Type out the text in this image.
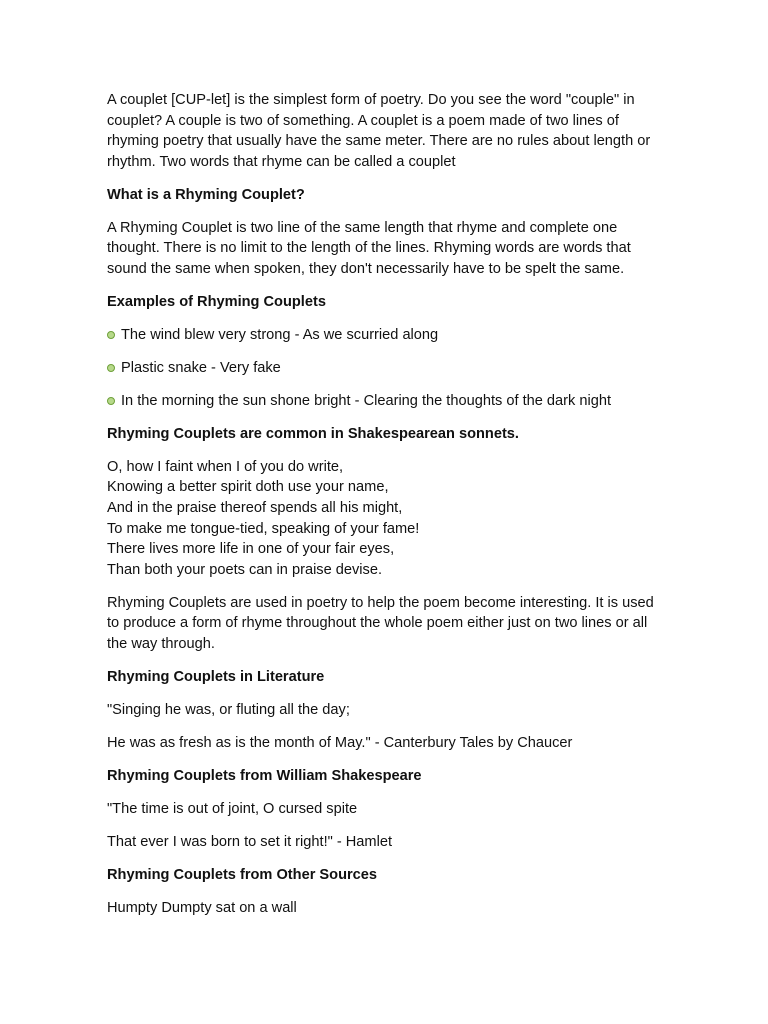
A couplet [CUP-let] is the simplest form of poetry. Do you see the word "couple" in couplet? A couple is two of something. A couplet is a poem made of two lines of rhyming poetry that usually have the same meter. There are no rules about length or rhythm. Two words that rhyme can be called a couplet

What is a Rhyming Couplet?

A Rhyming Couplet is two line of the same length that rhyme and complete one thought. There is no limit to the length of the lines. Rhyming words are words that sound the same when spoken, they don't necessarily have to be spelt the same.

Examples of Rhyming Couplets

The wind blew very strong - As we scurried along
Plastic snake - Very fake
In the morning the sun shone bright - Clearing the thoughts of the dark night

Rhyming Couplets are common in Shakespearean sonnets.

O, how I faint when I of you do write,
Knowing a better spirit doth use your name,
And in the praise thereof spends all his might,
To make me tongue-tied, speaking of your fame!
There lives more life in one of your fair eyes,
Than both your poets can in praise devise.

Rhyming Couplets are used in poetry to help the poem become interesting. It is used to produce a form of rhyme throughout the whole poem either just on two lines or all the way through.

Rhyming Couplets in Literature

"Singing he was, or fluting all the day;

He was as fresh as is the month of May." - Canterbury Tales by Chaucer

Rhyming Couplets from William Shakespeare

"The time is out of joint, O cursed spite

That ever I was born to set it right!" - Hamlet

Rhyming Couplets from Other Sources

Humpty Dumpty sat on a wall
